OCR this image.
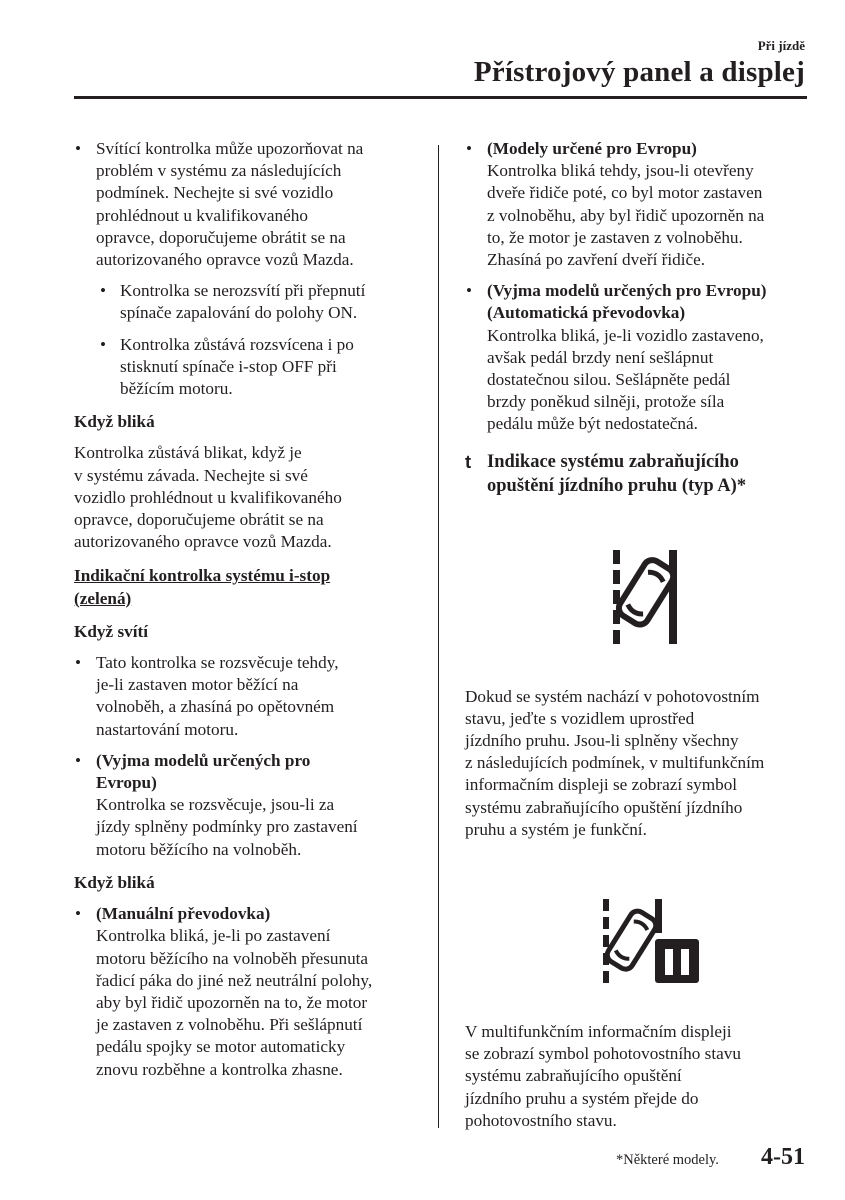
Při jízdě
Přístrojový panel a displej
• Svítící kontrolka může upozorňovat na
problém v systému za následujících
podmínek. Nechejte si své vozidlo
prohlédnout u kvalifikovaného
opravce, doporučujeme obrátit se na
autorizovaného opravce vozů Mazda.
• Kontrolka se nerozsvítí při přepnutí
spínače zapalování do polohy ON.
• Kontrolka zůstává rozsvícena i po
stisknutí spínače i-stop OFF při
běžícím motoru.
Když bliká
Kontrolka zůstává blikat, když je
v systému závada. Nechejte si své
vozidlo prohlédnout u kvalifikovaného
opravce, doporučujeme obrátit se na
autorizovaného opravce vozů Mazda.
Indikační kontrolka systému i-stop
(zelená)
Když svítí
• Tato kontrolka se rozsvěcuje tehdy,
je-li zastaven motor běžící na
volnoběh, a zhasíná po opětovném
nastartování motoru.
• (Vyjma modelů určených pro
Evropu)
Kontrolka se rozsvěcuje, jsou-li za
jízdy splněny podmínky pro zastavení
motoru běžícího na volnoběh.
Když bliká
• (Manuální převodovka)
Kontrolka bliká, je-li po zastavení
motoru běžícího na volnoběh přesunuta
řadicí páka do jiné než neutrální polohy,
aby byl řidič upozorněn na to, že motor
je zastaven z volnoběhu. Při sešlápnutí
pedálu spojky se motor automaticky
znovu rozběhne a kontrolka zhasne.
• (Modely určené pro Evropu)
Kontrolka bliká tehdy, jsou-li otevřeny
dveře řidiče poté, co byl motor zastaven
z volnoběhu, aby byl řidič upozorněn na
to, že motor je zastaven z volnoběhu.
Zhasíná po zavření dveří řidiče.
• (Vyjma modelů určených pro Evropu)
(Automatická převodovka)
Kontrolka bliká, je-li vozidlo zastaveno,
avšak pedál brzdy není sešlápnut
dostatečnou silou. Sešlápněte pedál
brzdy poněkud silněji, protože síla
pedálu může být nedostatečná.
t Indikace systému zabraňujícího
opuštění jízdního pruhu (typ A)*
Dokud se systém nachází v pohotovostním
stavu, jeďte s vozidlem uprostřed
jízdního pruhu. Jsou-li splněny všechny
z následujících podmínek, v multifunkčním
informačním displeji se zobrazí symbol
systému zabraňujícího opuštění jízdního
pruhu a systém je funkční.
V multifunkčním informačním displeji
se zobrazí symbol pohotovostního stavu
systému zabraňujícího opuštění
jízdního pruhu a systém přejde do
pohotovostního stavu.
*Některé modely. 4-51
